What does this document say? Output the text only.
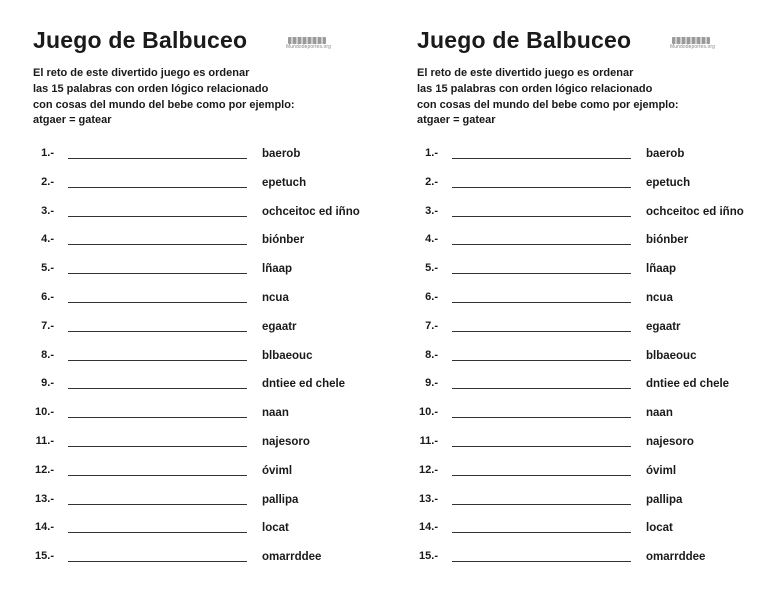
Juego de Balbuceo	Mundodeportes.org
El reto de este divertido juego es ordenar
las 15 palabras con orden lógico relacionado
con cosas del mundo del bebe como por ejemplo:
atgaer = gatear
1.-	baerob
2.-	epetuch
3.-	ochceitoc ed iñno
4.-	biónber
5.-	lñaap
6.-	ncua
7.-	egaatr
8.-	blbaeouc
9.-	dntiee ed chele
10.-	naan
11.-	najesoro
12.-	óviml
13.-	pallipa
14.-	locat
15.-	omarrddee
Juego de Balbuceo	Mundodeportes.org
El reto de este divertido juego es ordenar
las 15 palabras con orden lógico relacionado
con cosas del mundo del bebe como por ejemplo:
atgaer = gatear
1.-	baerob
2.-	epetuch
3.-	ochceitoc ed iñno
4.-	biónber
5.-	lñaap
6.-	ncua
7.-	egaatr
8.-	blbaeouc
9.-	dntiee ed chele
10.-	naan
11.-	najesoro
12.-	óviml
13.-	pallipa
14.-	locat
15.-	omarrddee
